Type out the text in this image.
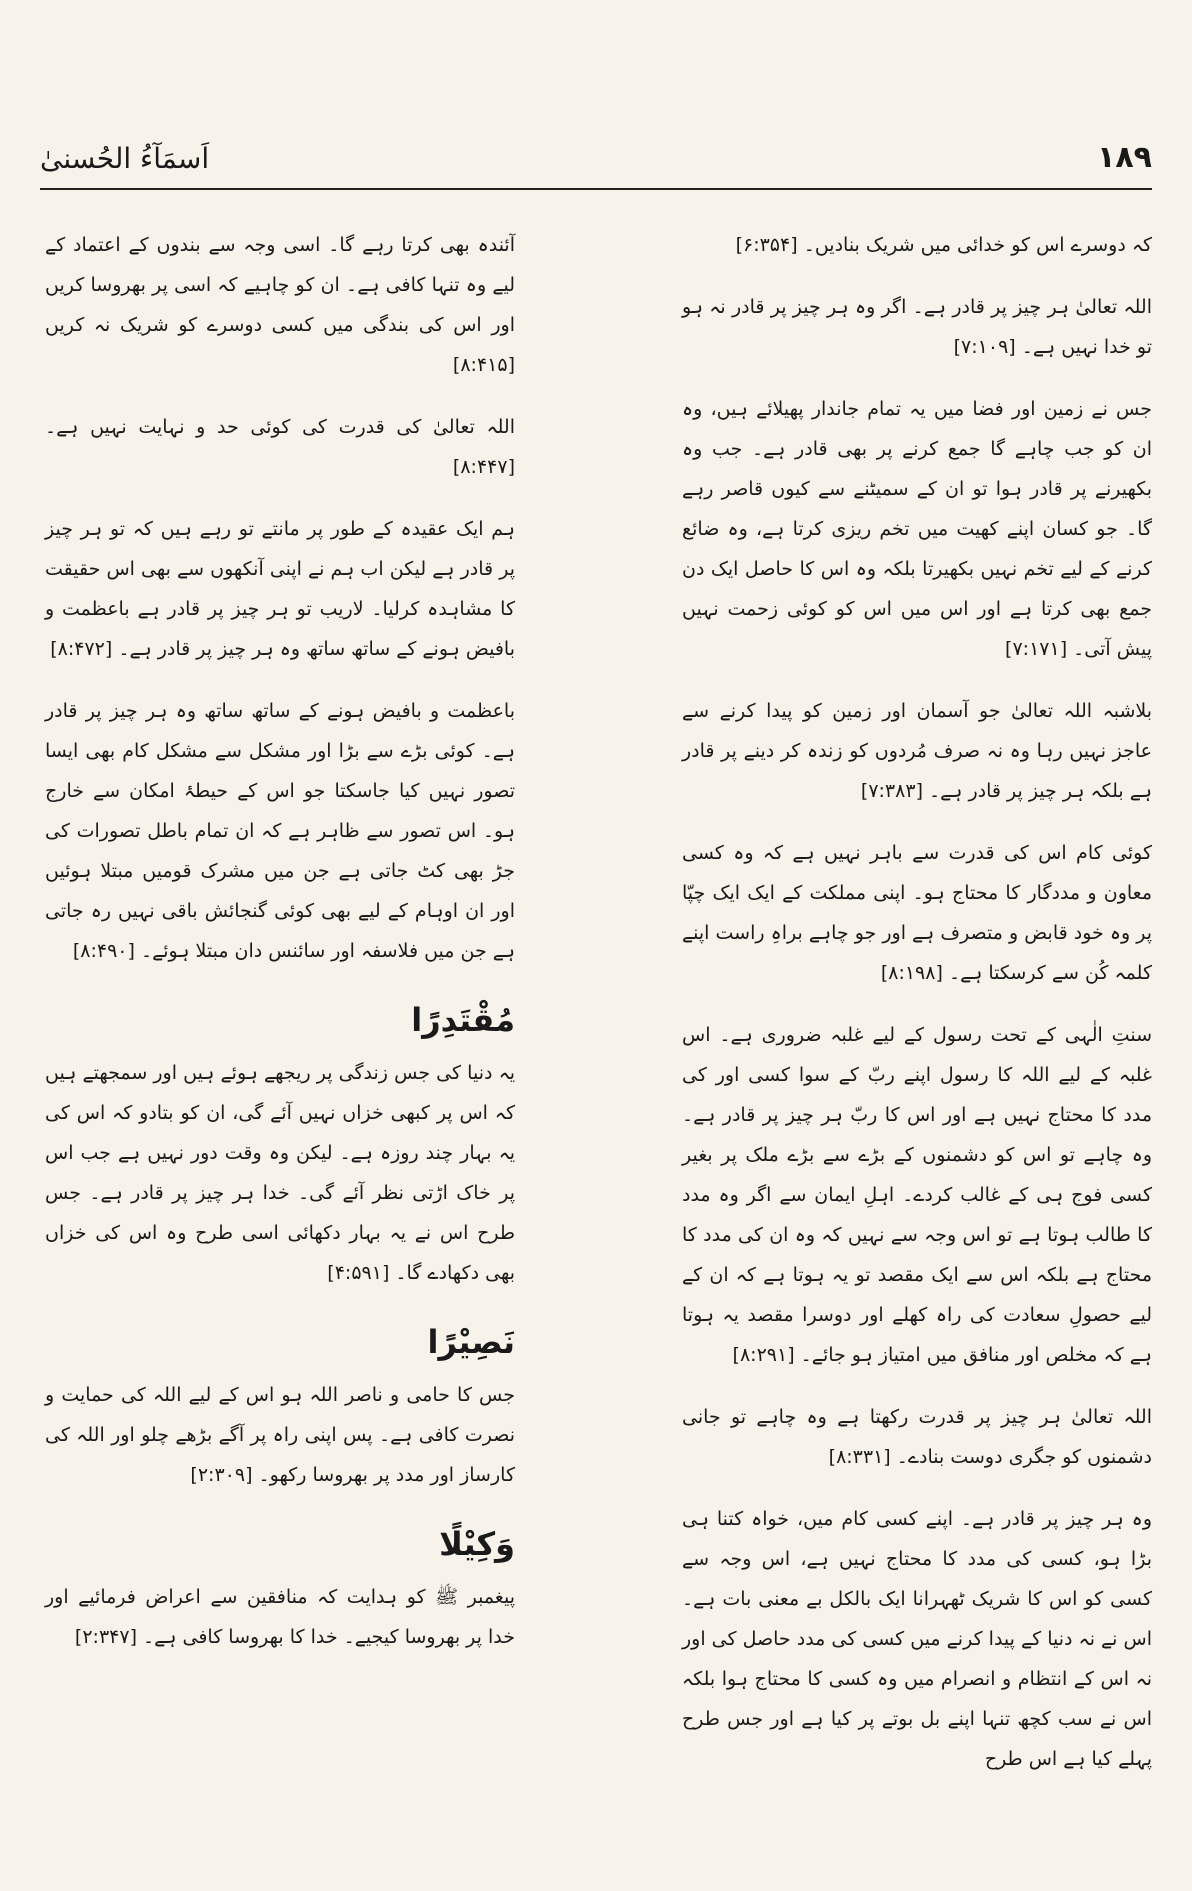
اَسمَآءُ الحُسنیٰ	١٨٩

کہ دوسرے اس کو خدائی میں شریک بنادیں۔ [۶:۳۵۴]

اللہ تعالیٰ ہر چیز پر قادر ہے۔ اگر وہ ہر چیز پر قادر نہ ہو تو خدا نہیں ہے۔ [۷:۱۰۹]

جس نے زمین اور فضا میں یہ تمام جاندار پھیلائے ہیں، وہ ان کو جب چاہے گا جمع کرنے پر بھی قادر ہے۔ جب وہ بکھیرنے پر قادر ہوا تو ان کے سمیٹنے سے کیوں قاصر رہے گا۔ جو کسان اپنے کھیت میں تخم ریزی کرتا ہے، وہ ضائع کرنے کے لیے تخم نہیں بکھیرتا بلکہ وہ اس کا حاصل ایک دن جمع بھی کرتا ہے اور اس میں اس کو کوئی زحمت نہیں پیش آتی۔ [۷:۱۷۱]

بلاشبہ اللہ تعالیٰ جو آسمان اور زمین کو پیدا کرنے سے عاجز نہیں رہا وہ نہ صرف مُردوں کو زندہ کر دینے پر قادر ہے بلکہ ہر چیز پر قادر ہے۔ [۷:۳۸۳]

کوئی کام اس کی قدرت سے باہر نہیں ہے کہ وہ کسی معاون و مددگار کا محتاج ہو۔ اپنی مملکت کے ایک ایک چپّا پر وہ خود قابض و متصرف ہے اور جو چاہے براہِ راست اپنے کلمہ کُن سے کرسکتا ہے۔ [۸:۱۹۸]

سنتِ الٰہی کے تحت رسول کے لیے غلبہ ضروری ہے۔ اس غلبہ کے لیے اللہ کا رسول اپنے ربّ کے سوا کسی اور کی مدد کا محتاج نہیں ہے اور اس کا ربّ ہر چیز پر قادر ہے۔ وہ چاہے تو اس کو دشمنوں کے بڑے سے بڑے ملک پر بغیر کسی فوج ہی کے غالب کردے۔ اہلِ ایمان سے اگر وہ مدد کا طالب ہوتا ہے تو اس وجہ سے نہیں کہ وہ ان کی مدد کا محتاج ہے بلکہ اس سے ایک مقصد تو یہ ہوتا ہے کہ ان کے لیے حصولِ سعادت کی راہ کھلے اور دوسرا مقصد یہ ہوتا ہے کہ مخلص اور منافق میں امتیاز ہو جائے۔ [۸:۲۹۱]

اللہ تعالیٰ ہر چیز پر قدرت رکھتا ہے وہ چاہے تو جانی دشمنوں کو جگری دوست بنادے۔ [۸:۳۳۱]

وہ ہر چیز پر قادر ہے۔ اپنے کسی کام میں، خواہ کتنا ہی بڑا ہو، کسی کی مدد کا محتاج نہیں ہے، اس وجہ سے کسی کو اس کا شریک ٹھہرانا ایک بالکل بے معنی بات ہے۔ اس نے نہ دنیا کے پیدا کرنے میں کسی کی مدد حاصل کی اور نہ اس کے انتظام و انصرام میں وہ کسی کا محتاج ہوا بلکہ اس نے سب کچھ تنہا اپنے بل بوتے پر کیا ہے اور جس طرح پہلے کیا ہے اس طرح

آئندہ بھی کرتا رہے گا۔ اسی وجہ سے بندوں کے اعتماد کے لیے وہ تنہا کافی ہے۔ ان کو چاہیے کہ اسی پر بھروسا کریں اور اس کی بندگی میں کسی دوسرے کو شریک نہ کریں [۸:۴۱۵]

اللہ تعالیٰ کی قدرت کی کوئی حد و نہایت نہیں ہے۔ [۸:۴۴۷]

ہم ایک عقیدہ کے طور پر مانتے تو رہے ہیں کہ تو ہر چیز پر قادر ہے لیکن اب ہم نے اپنی آنکھوں سے بھی اس حقیقت کا مشاہدہ کرلیا۔ لاریب تو ہر چیز پر قادر ہے باعظمت و بافیض ہونے کے ساتھ ساتھ وہ ہر چیز پر قادر ہے۔ [۸:۴۷۲]

باعظمت و بافیض ہونے کے ساتھ ساتھ وہ ہر چیز پر قادر ہے۔ کوئی بڑے سے بڑا اور مشکل سے مشکل کام بھی ایسا تصور نہیں کیا جاسکتا جو اس کے حیطۂ امکان سے خارج ہو۔ اس تصور سے ظاہر ہے کہ ان تمام باطل تصورات کی جڑ بھی کٹ جاتی ہے جن میں مشرک قومیں مبتلا ہوئیں اور ان اوہام کے لیے بھی کوئی گنجائش باقی نہیں رہ جاتی ہے جن میں فلاسفہ اور سائنس دان مبتلا ہوئے۔ [۸:۴۹۰]

مُقْتَدِرًا

یہ دنیا کی جس زندگی پر ریجھے ہوئے ہیں اور سمجھتے ہیں کہ اس پر کبھی خزاں نہیں آئے گی، ان کو بتادو کہ اس کی یہ بہار چند روزہ ہے۔ لیکن وہ وقت دور نہیں ہے جب اس پر خاک اڑتی نظر آئے گی۔ خدا ہر چیز پر قادر ہے۔ جس طرح اس نے یہ بہار دکھائی اسی طرح وہ اس کی خزاں بھی دکھادے گا۔ [۴:۵۹۱]

نَصِیْرًا

جس کا حامی و ناصر اللہ ہو اس کے لیے اللہ کی حمایت و نصرت کافی ہے۔ پس اپنی راہ پر آگے بڑھے چلو اور اللہ کی کارساز اور مدد پر بھروسا رکھو۔ [۲:۳۰۹]

وَکِیْلًا

پیغمبر ﷺ کو ہدایت کہ منافقین سے اعراض فرمائیے اور خدا پر بھروسا کیجیے۔ خدا کا بھروسا کافی ہے۔ [۲:۳۴۷]
